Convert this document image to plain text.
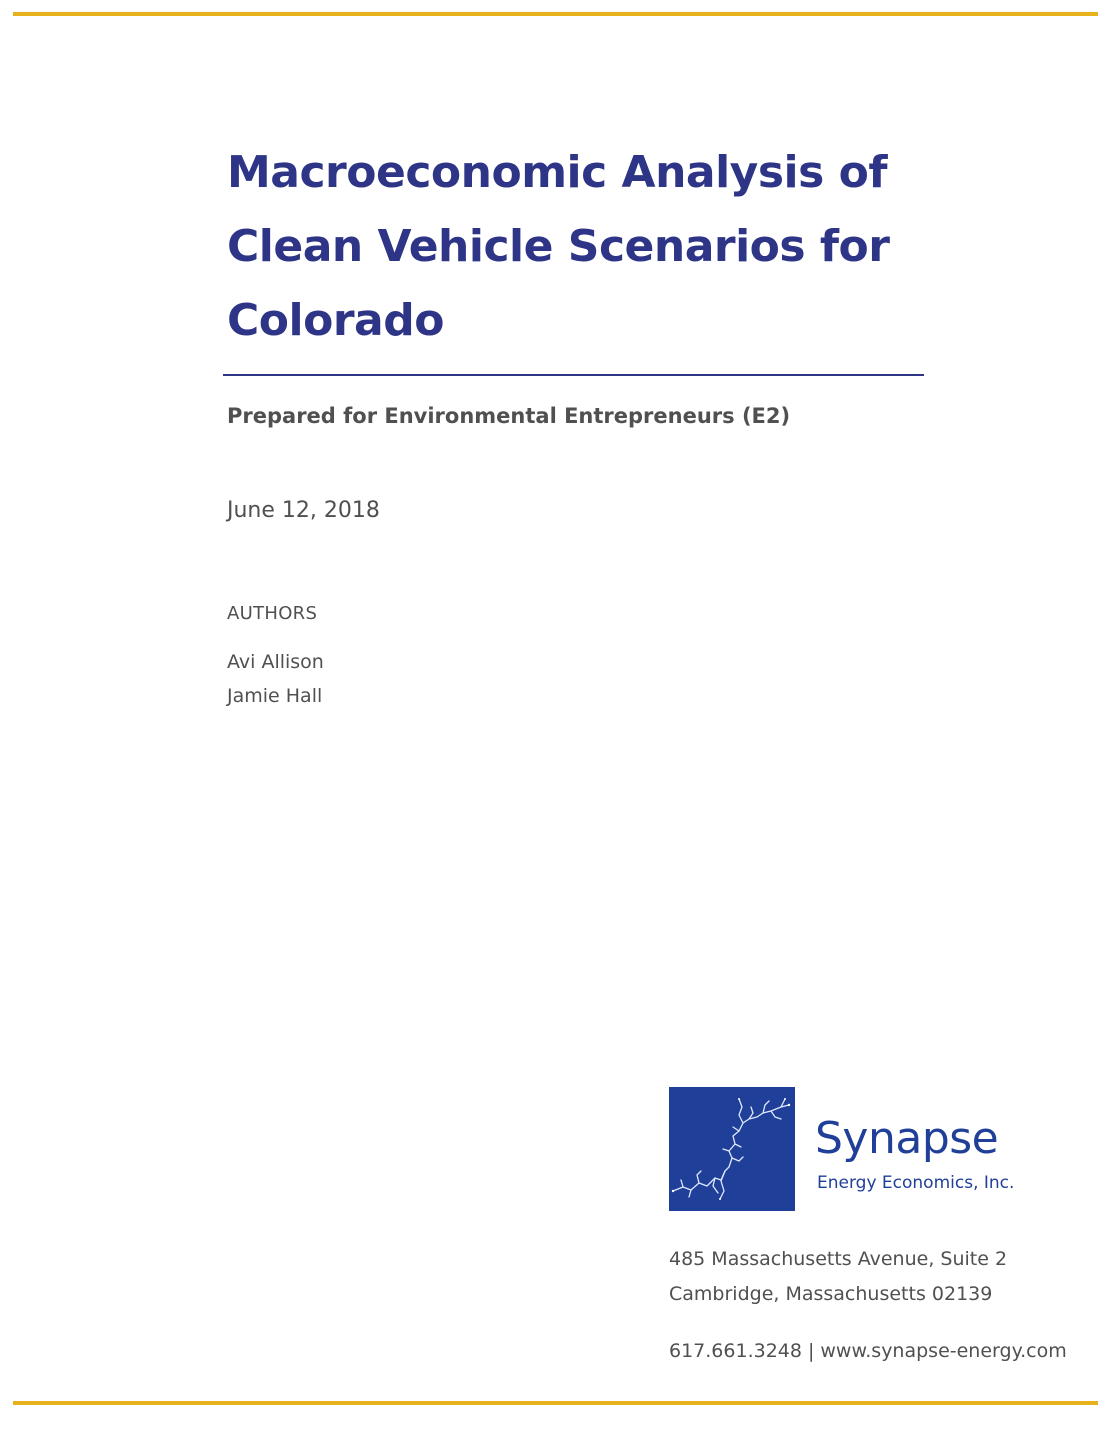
Macroeconomic Analysis of
Clean Vehicle Scenarios for
Colorado
Prepared for Environmental Entrepreneurs (E2)
June 12, 2018
AUTHORS
Avi Allison
Jamie Hall
Synapse
Energy Economics, Inc.
485 Massachusetts Avenue, Suite 2
Cambridge, Massachusetts 02139
617.661.3248 | www.synapse-energy.com
